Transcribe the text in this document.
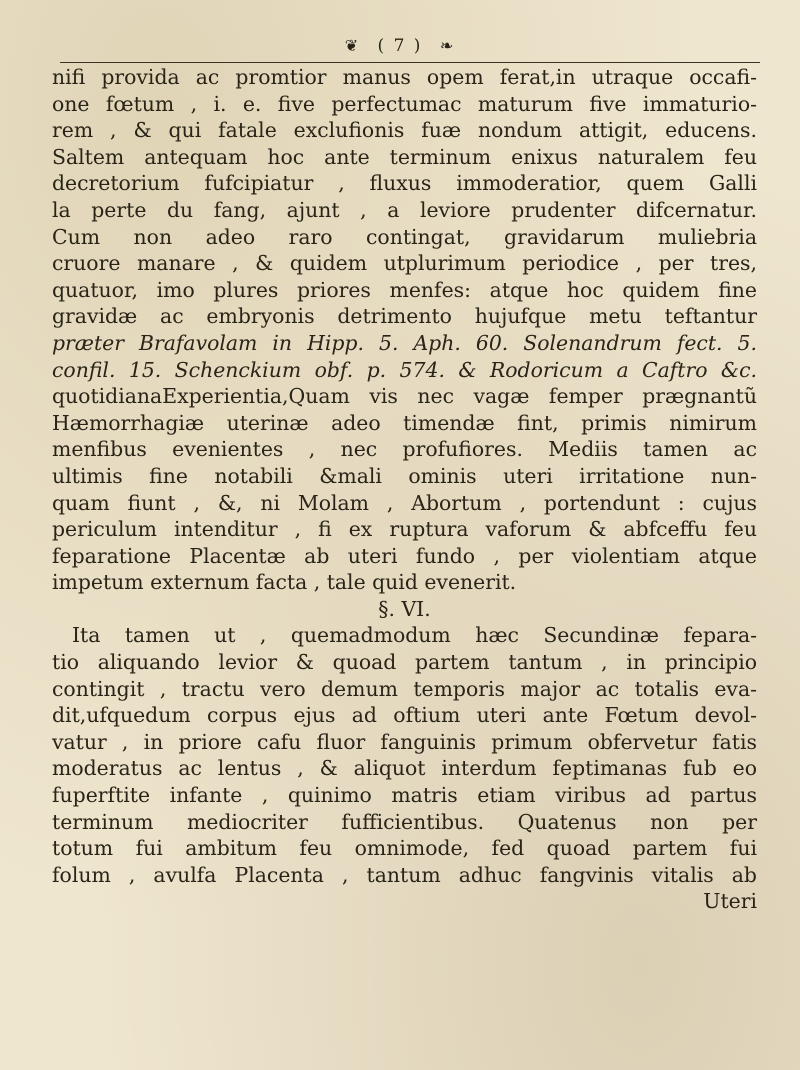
❦ ( 7 ) ❧
nifi provida ac promtior manus opem ferat,in utraque occafi-
one fœtum , i. e. five perfectumac maturum five immaturio-
rem , & qui fatale exclufionis fuæ nondum attigit, educens.
Saltem antequam hoc ante terminum enixus naturalem feu
decretorium fufcipiatur , fluxus immoderatior, quem Galli
la perte du fang, ajunt , a leviore prudenter difcernatur.
Cum non adeo raro contingat, gravidarum muliebria
cruore manare , & quidem utplurimum periodice , per tres,
quatuor, imo plures priores menfes: atque hoc quidem fine
gravidæ ac embryonis detrimento hujufque metu teftantur
præter Brafavolam in Hipp. 5. Aph. 60. Solenandrum fect. 5.
confil. 15. Schenckium obf. p. 574. & Rodoricum a Caftro &c.
quotidianaExperientia,Quam vis nec vagæ femper prægnantũ
Hæmorrhagiæ uterinæ adeo timendæ fint, primis nimirum
menfibus evenientes , nec profufiores. Mediis tamen ac
ultimis fine notabili &mali ominis uteri irritatione nun-
quam fiunt , &, ni Molam , Abortum , portendunt : cujus
periculum intenditur , fi ex ruptura vaforum & abfceffu feu
feparatione Placentæ ab uteri fundo , per violentiam atque
impetum externum facta , tale quid evenerit.
§. VI.
Ita tamen ut , quemadmodum hæc Secundinæ fepara-
tio aliquando levior & quoad partem tantum , in principio
contingit , tractu vero demum temporis major ac totalis eva-
dit,ufquedum corpus ejus ad oftium uteri ante Fœtum devol-
vatur , in priore cafu fluor fanguinis primum obfervetur fatis
moderatus ac lentus , & aliquot interdum feptimanas fub eo
fuperftite infante , quinimo matris etiam viribus ad partus
terminum mediocriter fufficientibus. Quatenus non per
totum fui ambitum feu omnimode, fed quoad partem fui
folum , avulfa Placenta , tantum adhuc fangvinis vitalis ab
Uteri
